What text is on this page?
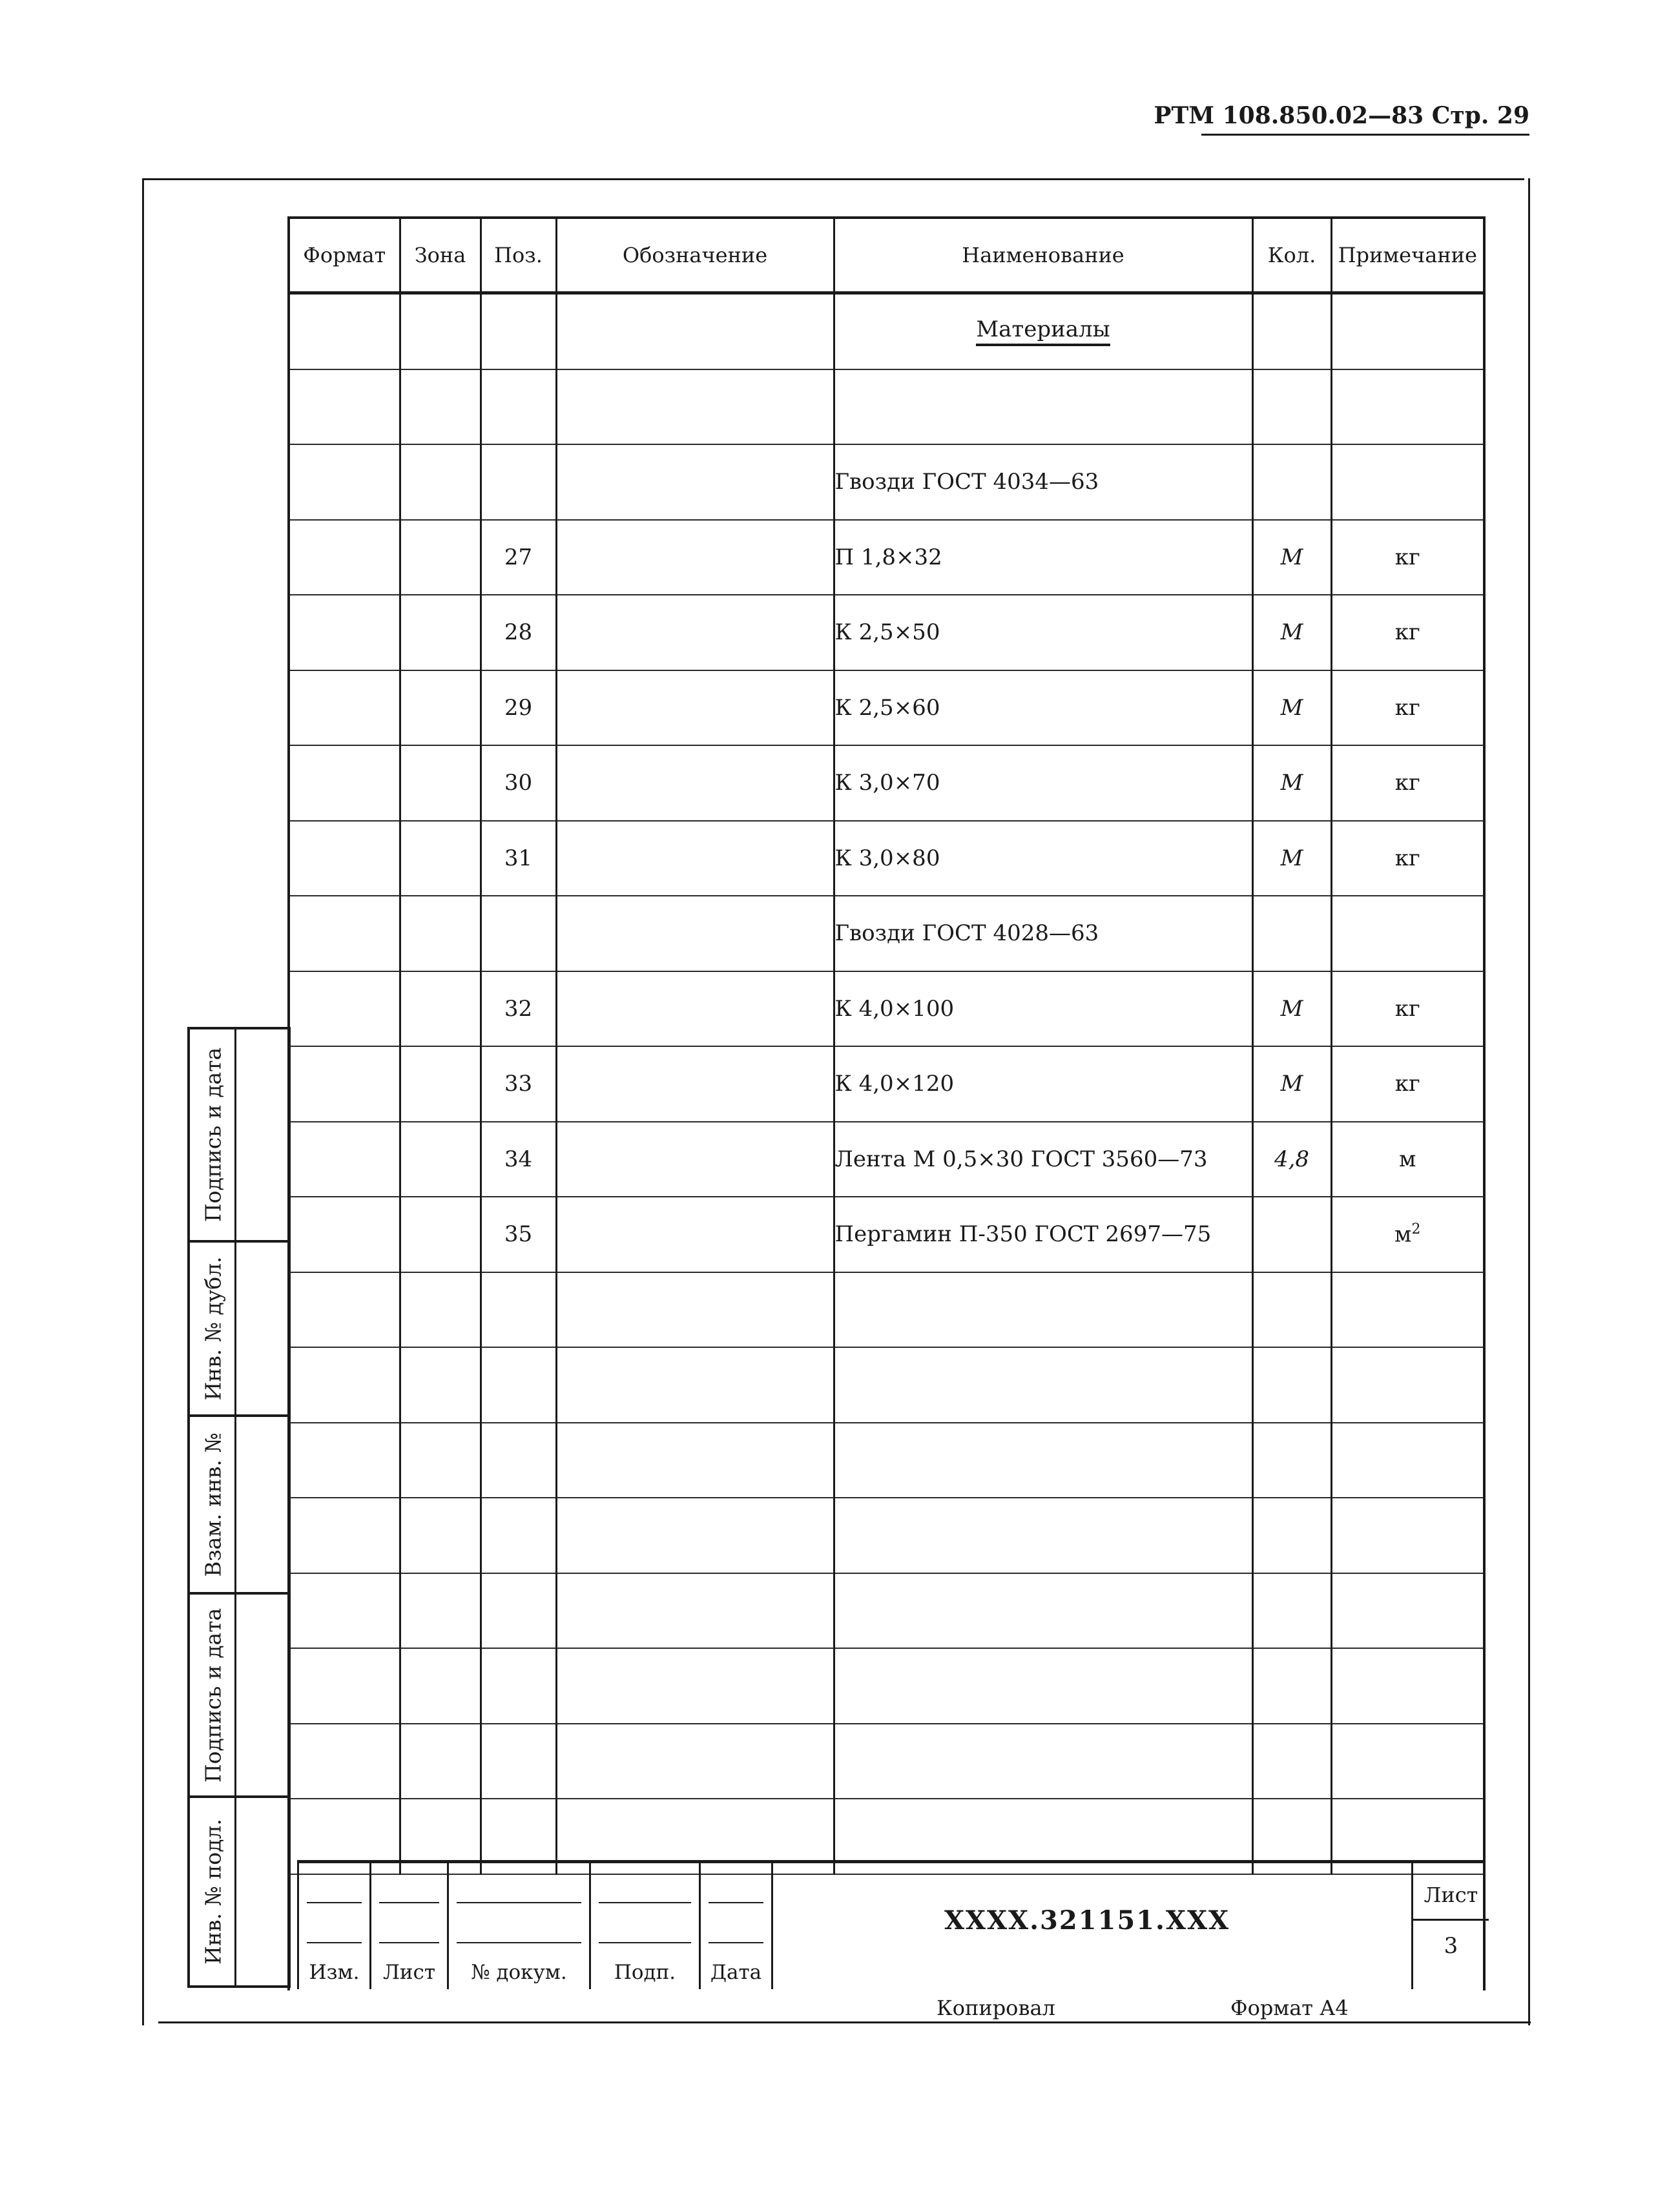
РТМ 108.850.02—83 Стр. 29
Подпись и дата
Инв. № дубл.
Взам. инв. №
Подпись и дата
Инв. № подл.
Формат	Зона	Поз.	Обозначение	Наименование	Кол.	Примечание
				Материалы		

				Гвозди ГОСТ 4034—63		
		27		П 1,8×32	М	кг
		28		К 2,5×50	М	кг
		29		К 2,5×60	М	кг
		30		К 3,0×70	М	кг
		31		К 3,0×80	М	кг
				Гвозди ГОСТ 4028—63		
		32		К 4,0×100	М	кг
		33		К 4,0×120	М	кг
		34		Лента М 0,5×30 ГОСТ 3560—73	4,8	м
		35		Пергамин П-350 ГОСТ 2697—75		$м^2$

Изм.	Лист	№ докум.	Подп.	Дата
XXXX.321151.XXX
Лист
3
Копировал	Формат А4
